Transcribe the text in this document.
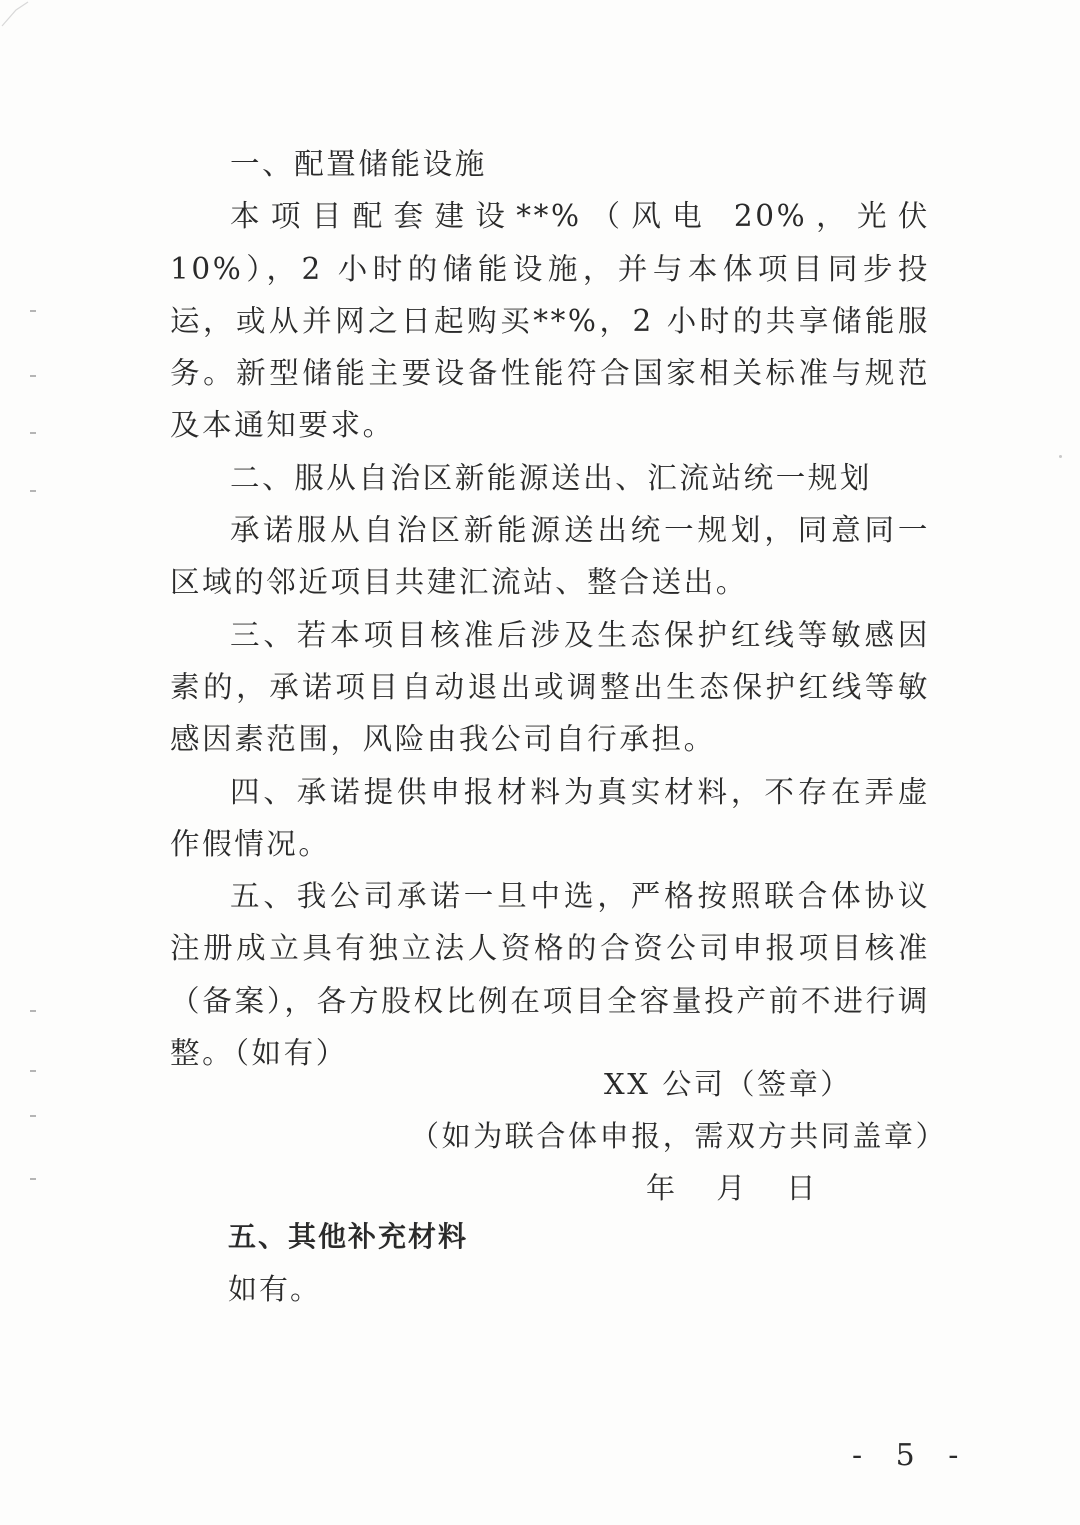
一、配置储能设施

本项目配套建设**%（风电 20%，光伏 10%），2 小时的储能设施，并与本体项目同步投运，或从并网之日起购买**%，2 小时的共享储能服务。新型储能主要设备性能符合国家相关标准与规范及本通知要求。

二、服从自治区新能源送出、汇流站统一规划

承诺服从自治区新能源送出统一规划，同意同一区域的邻近项目共建汇流站、整合送出。

三、若本项目核准后涉及生态保护红线等敏感因素的，承诺项目自动退出或调整出生态保护红线等敏感因素范围，风险由我公司自行承担。

四、承诺提供申报材料为真实材料，不存在弄虚作假情况。

五、我公司承诺一旦中选，严格按照联合体协议注册成立具有独立法人资格的合资公司申报项目核准（备案），各方股权比例在项目全容量投产前不进行调整。（如有）

XX 公司（签章）
（如为联合体申报，需双方共同盖章）
年 月 日
五、其他补充材料
如有。
- 5 -
